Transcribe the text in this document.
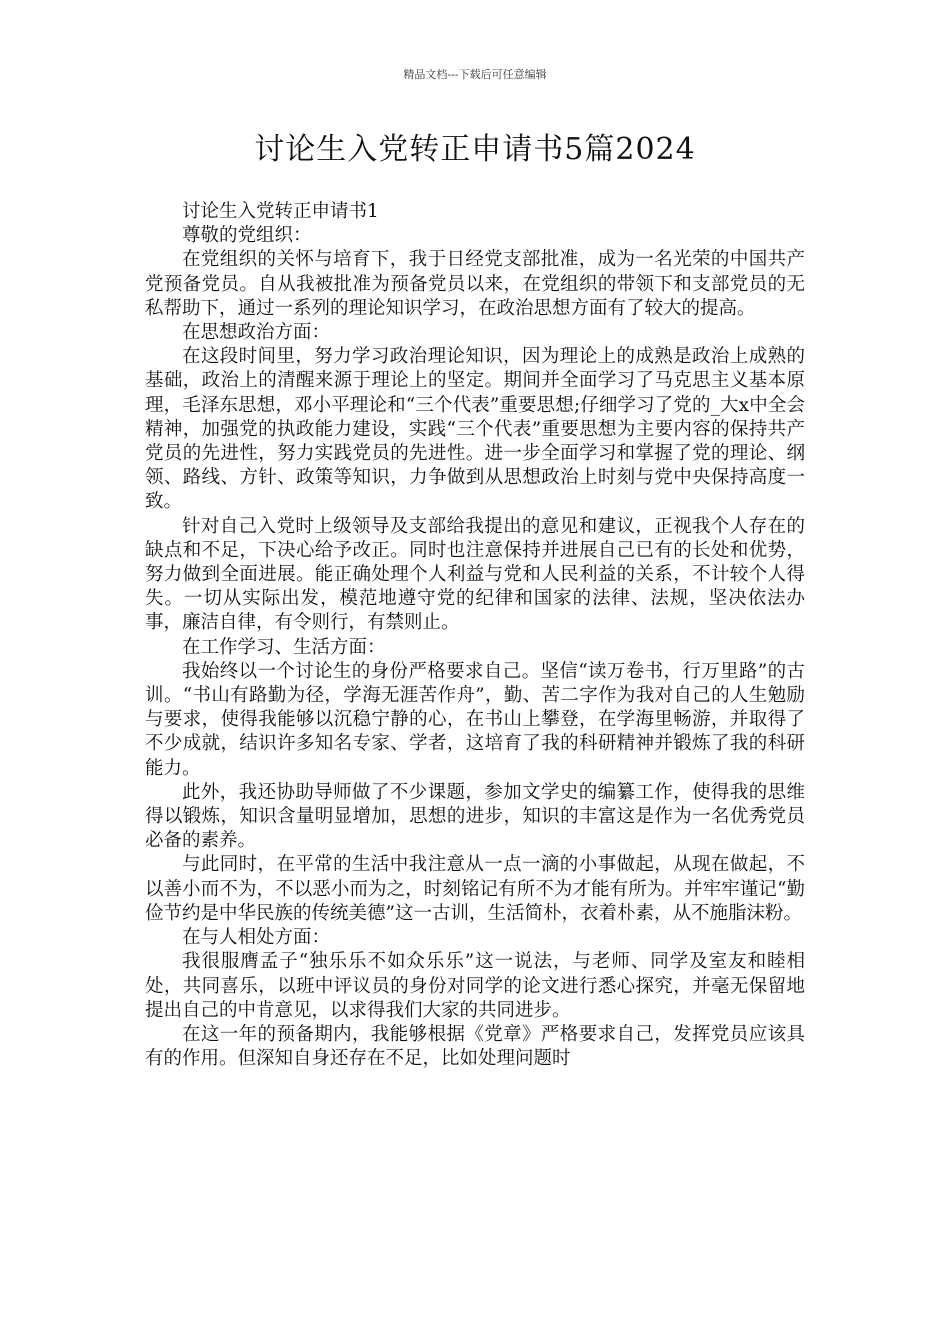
精品文档---下载后可任意编辑
讨论生入党转正申请书5篇2024

讨论生入党转正申请书1

尊敬的党组织：

在党组织的关怀与培育下，我于日经党支部批准，成为一名光荣的中国共产党预备党员。自从我被批准为预备党员以来，在党组织的带领下和支部党员的无私帮助下，通过一系列的理论知识学习，在政治思想方面有了较大的提高。

在思想政治方面：

在这段时间里，努力学习政治理论知识，因为理论上的成熟是政治上成熟的基础，政治上的清醒来源于理论上的坚定。期间并全面学习了马克思主义基本原理，毛泽东思想，邓小平理论和“三个代表”重要思想;仔细学习了党的_大x中全会精神，加强党的执政能力建设，实践“三个代表”重要思想为主要内容的保持共产党员的先进性，努力实践党员的先进性。进一步全面学习和掌握了党的理论、纲领、路线、方针、政策等知识，力争做到从思想政治上时刻与党中央保持高度一致。

针对自己入党时上级领导及支部给我提出的意见和建议，正视我个人存在的缺点和不足，下决心给予改正。同时也注意保持并进展自己已有的长处和优势，努力做到全面进展。能正确处理个人利益与党和人民利益的关系，不计较个人得失。一切从实际出发，模范地遵守党的纪律和国家的法律、法规，坚决依法办事，廉洁自律，有令则行，有禁则止。

在工作学习、生活方面：

我始终以一个讨论生的身份严格要求自己。坚信“读万卷书，行万里路”的古训。“书山有路勤为径，学海无涯苦作舟”，勤、苦二字作为我对自己的人生勉励与要求，使得我能够以沉稳宁静的心，在书山上攀登，在学海里畅游，并取得了不少成就，结识许多知名专家、学者，这培育了我的科研精神并锻炼了我的科研能力。

此外，我还协助导师做了不少课题，参加文学史的编纂工作，使得我的思维得以锻炼，知识含量明显增加，思想的进步，知识的丰富这是作为一名优秀党员必备的素养。

与此同时，在平常的生活中我注意从一点一滴的小事做起，从现在做起，不以善小而不为，不以恶小而为之，时刻铭记有所不为才能有所为。并牢牢谨记“勤俭节约是中华民族的传统美德”这一古训，生活简朴，衣着朴素，从不施脂沫粉。

在与人相处方面：

我很服膺孟子“独乐乐不如众乐乐”这一说法，与老师、同学及室友和睦相处，共同喜乐，以班中评议员的身份对同学的论文进行悉心探究，并毫无保留地提出自己的中肯意见，以求得我们大家的共同进步。

在这一年的预备期内，我能够根据《党章》严格要求自己，发挥党员应该具有的作用。但深知自身还存在不足，比如处理问题时
